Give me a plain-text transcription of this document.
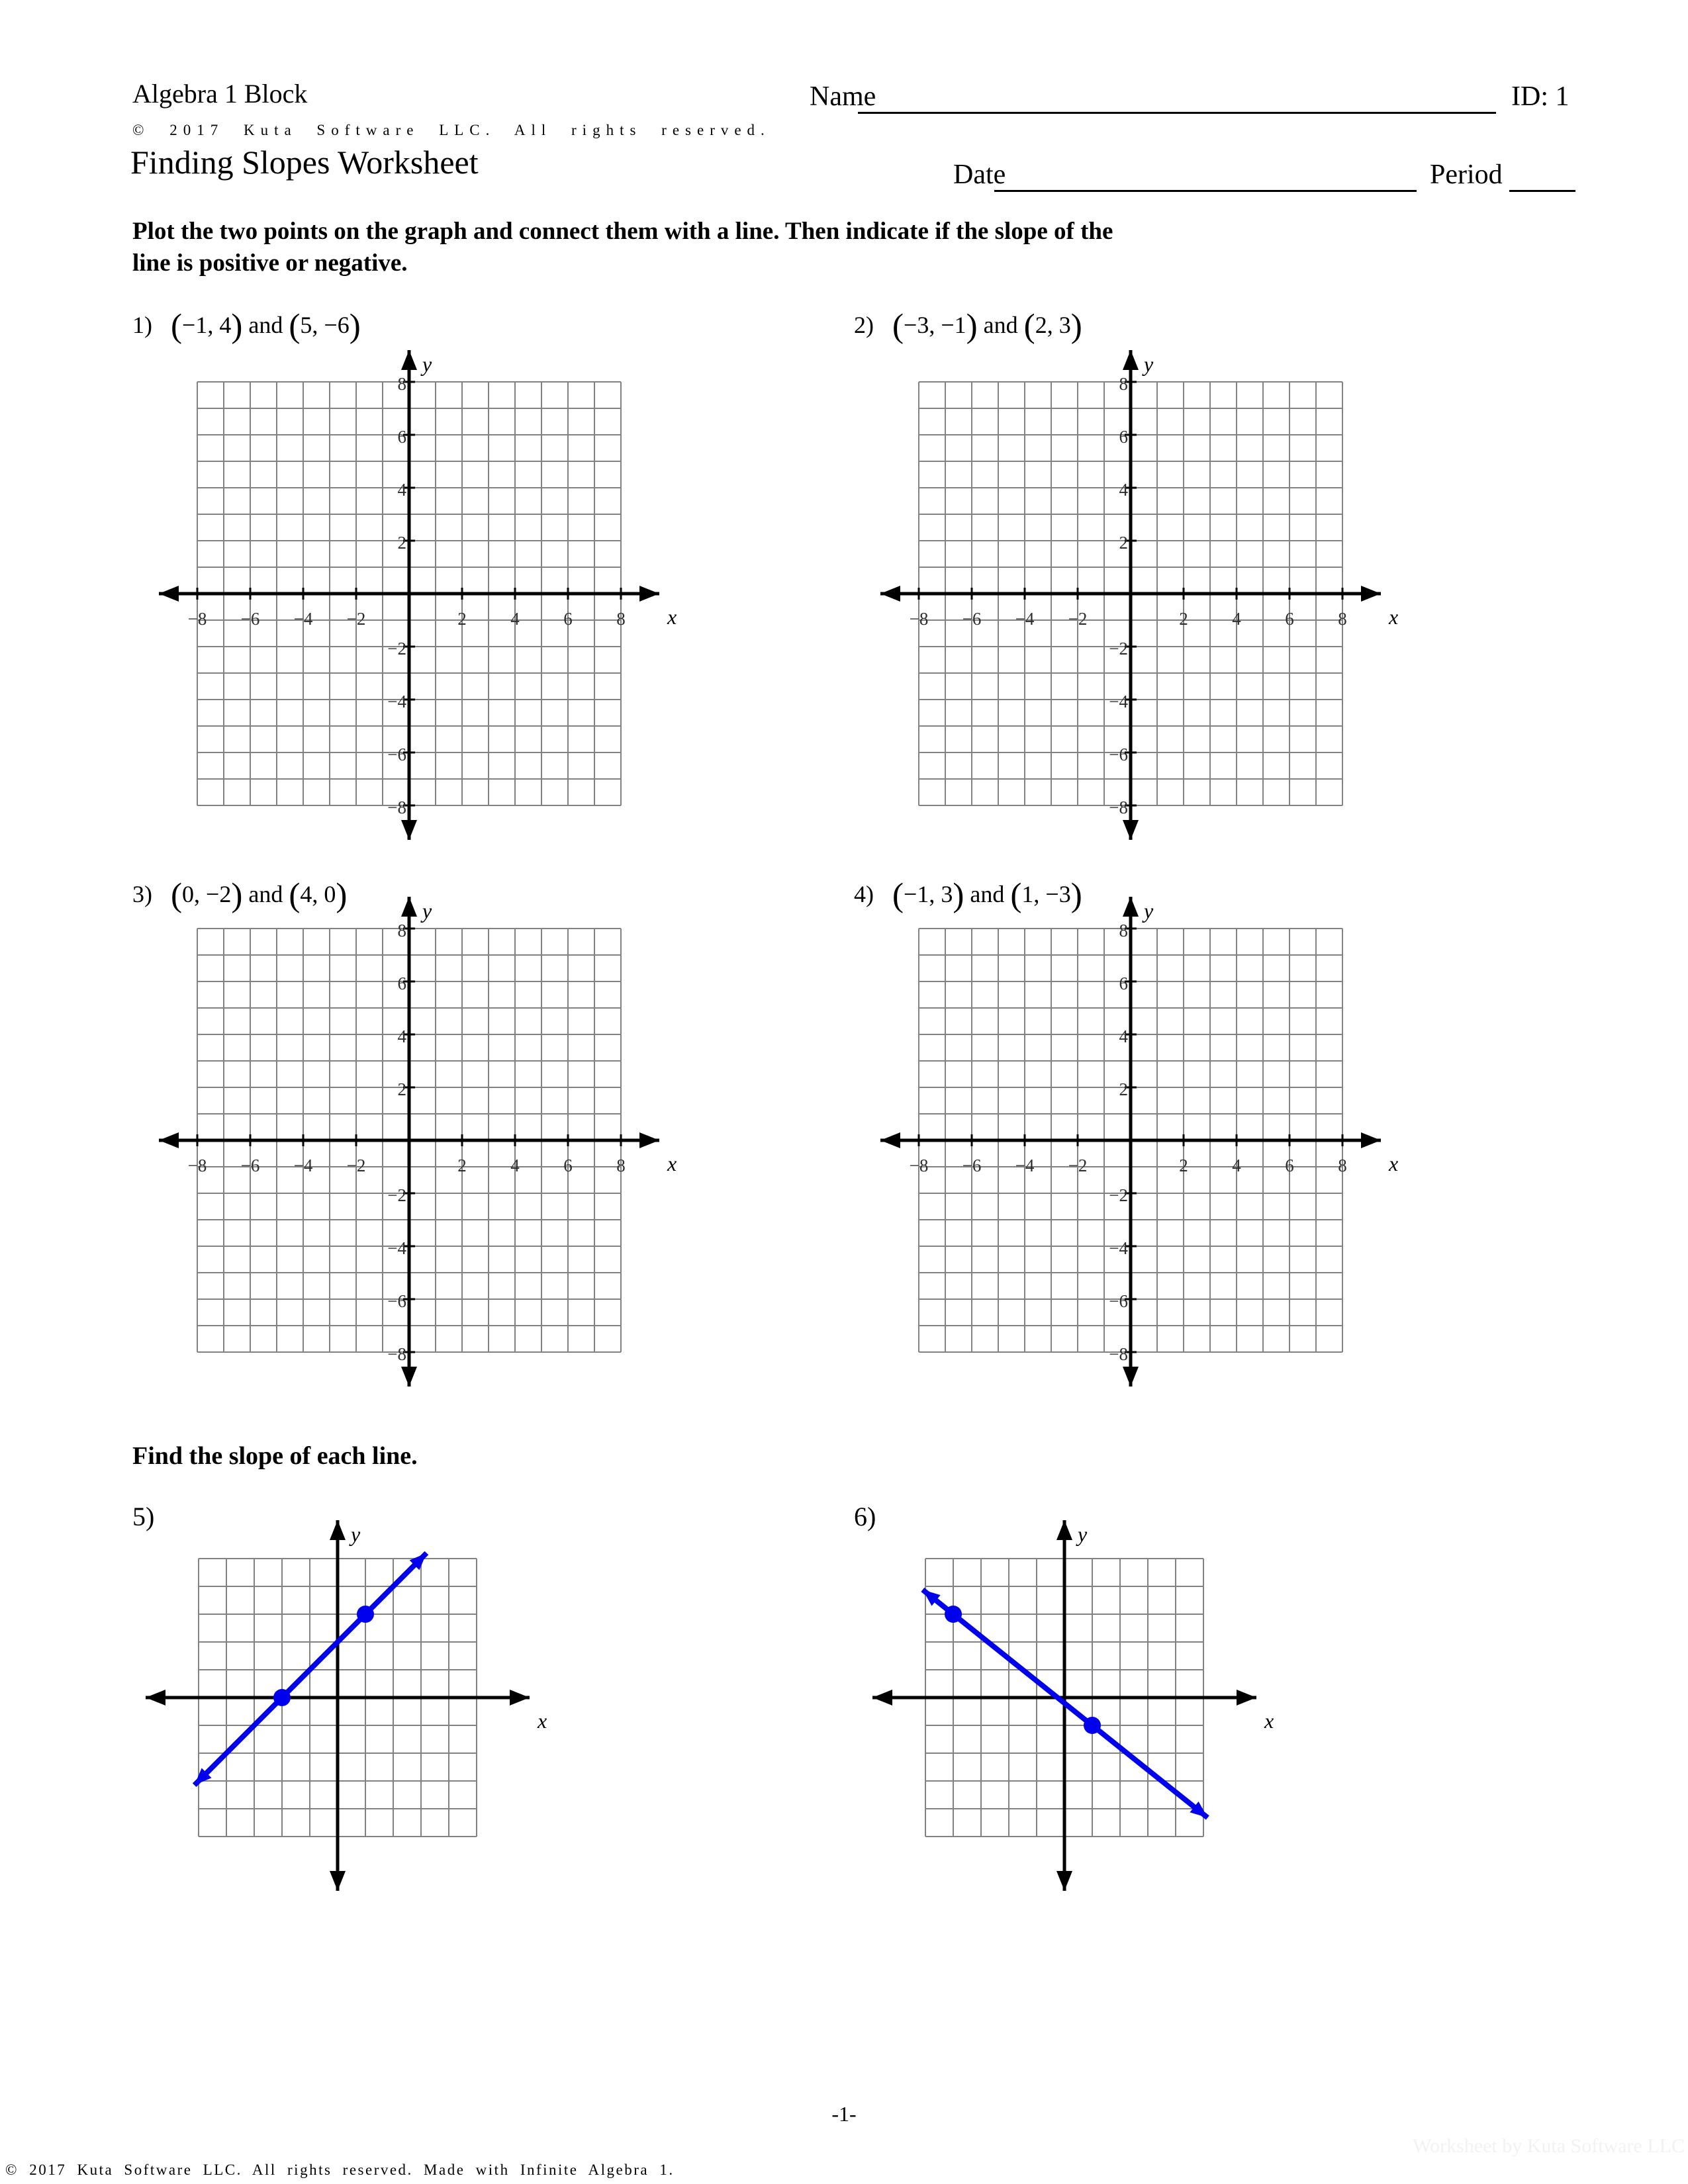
Algebra 1 Block	Name	ID: 1
© 2017 Kuta Software LLC. All rights reserved.
Finding Slopes Worksheet	Date	Period
Plot the two points on the graph and connect them with a line. Then indicate if the slope of the
line is positive or negative.
1) (−1, 4) and (5, −6)	2) (−3, −1) and (2, 3)
3) (0, −2) and (4, 0)	4) (−1, 3) and (1, −3)
Find the slope of each line.
5)	6)
−8 −6 −4 −2	2 4 6 8
8
6
4
2
−2
−4
−6
−8
x
y
−8 −6 −4 −2	2 4 6 8
8
6
4
2
−2
−4
−6
−8
x
y
−8 −6 −4 −2	2 4 6 8
8
6
4
2
−2
−4
−6
−8
x
y
−8 −6 −4 −2	2 4 6 8
8
6
4
2
−2
−4
−6
−8
x
y
x
y
x
y
-1-
© 2017 Kuta Software LLC. All rights reserved. Made with Infinite Algebra 1.
Worksheet by Kuta Software LLC
